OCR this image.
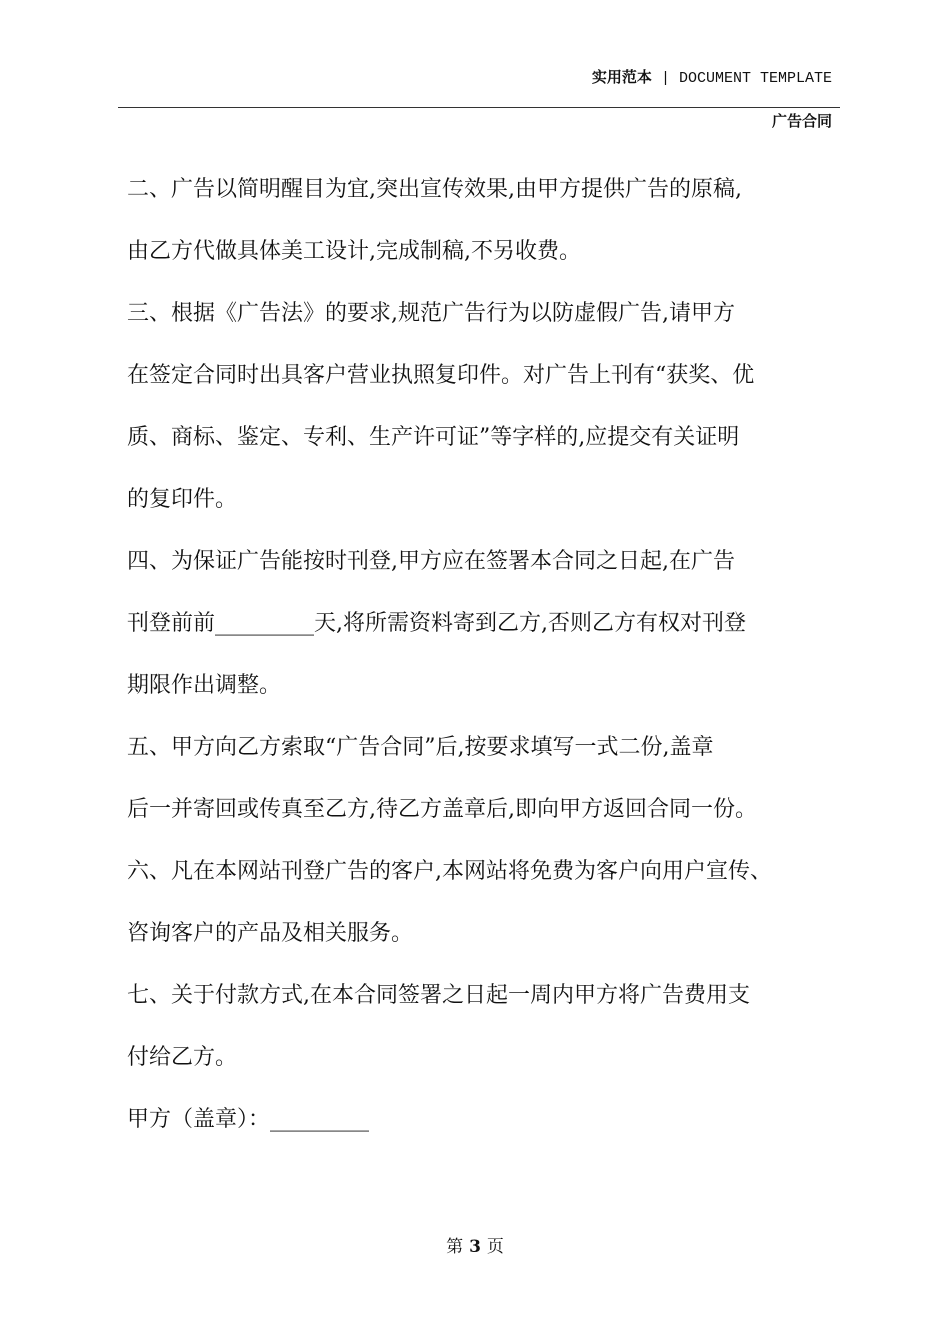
实用范本 | DOCUMENT TEMPLATE
广告合同
二、广告以简明醒目为宜,突出宣传效果,由甲方提供广告的原稿,
由乙方代做具体美工设计,完成制稿,不另收费。
三、根据《广告法》的要求,规范广告行为以防虚假广告,请甲方
在签定合同时出具客户营业执照复印件。对广告上刊有“获奖、优
质、商标、鉴定、专利、生产许可证”等字样的,应提交有关证明
的复印件。
四、为保证广告能按时刊登,甲方应在签署本合同之日起,在广告
刊登前前_________天,将所需资料寄到乙方,否则乙方有权对刊登
期限作出调整。
五、甲方向乙方索取“广告合同”后,按要求填写一式二份,盖章
后一并寄回或传真至乙方,待乙方盖章后,即向甲方返回合同一份。
六、凡在本网站刊登广告的客户,本网站将免费为客户向用户宣传、
咨询客户的产品及相关服务。
七、关于付款方式,在本合同签署之日起一周内甲方将广告费用支
付给乙方。
甲方（盖章）：_________
第 3 页
